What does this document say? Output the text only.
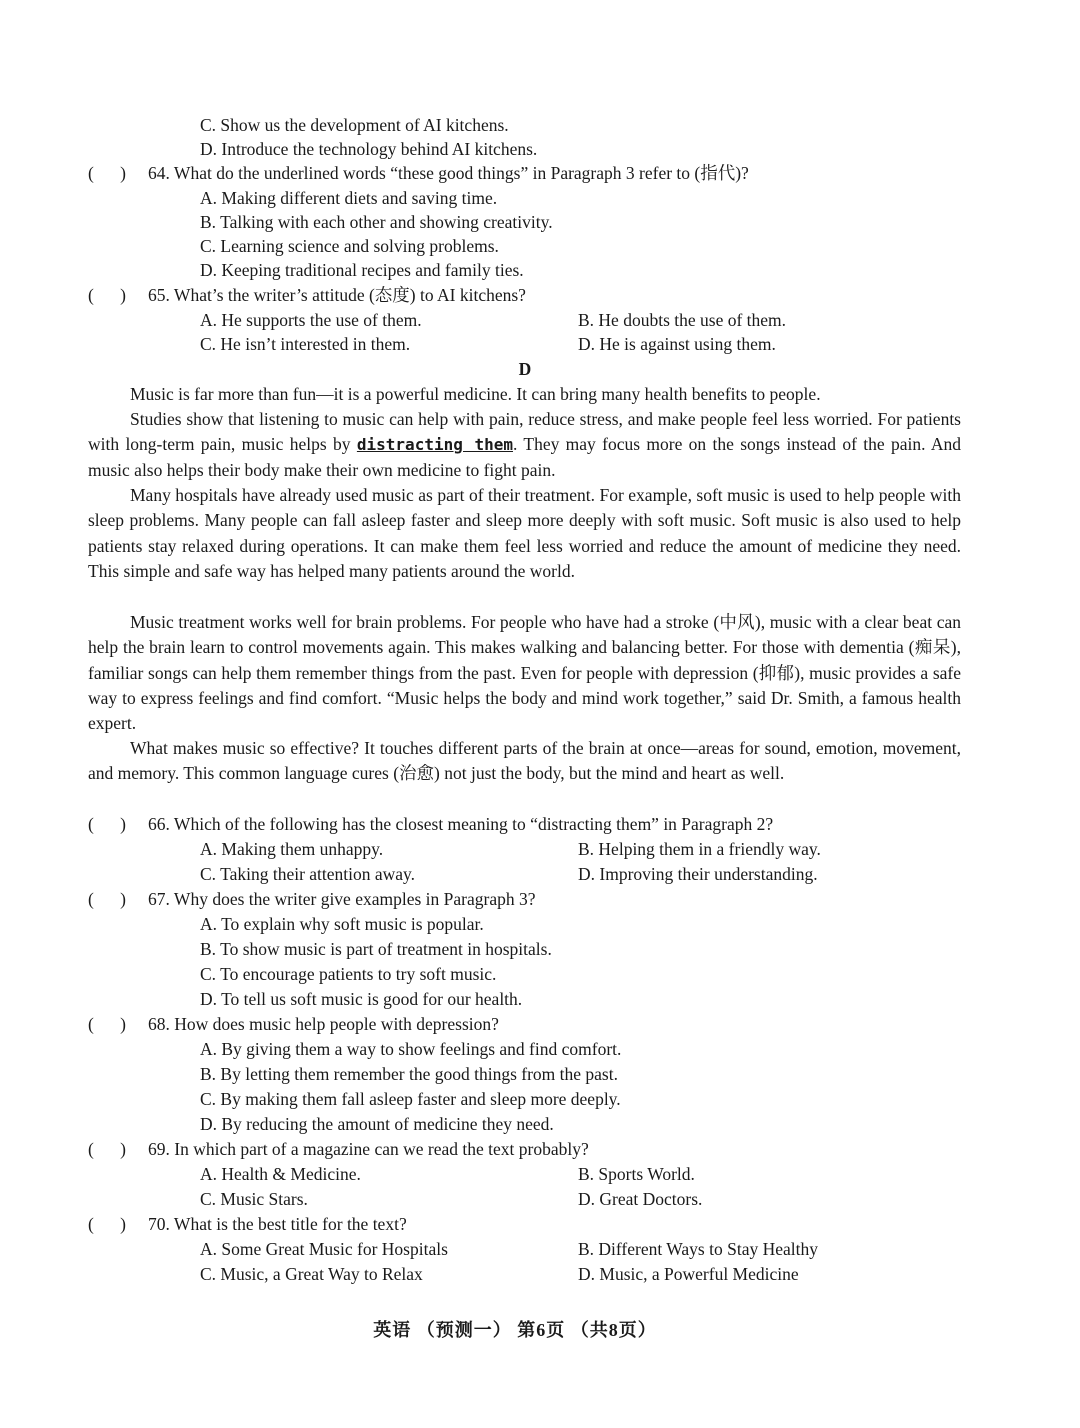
C. Show us the development of AI kitchens.
D. Introduce the technology behind AI kitchens.
(      ) 64. What do the underlined words “these good things” in Paragraph 3 refer to (指代)?
A. Making different diets and saving time.
B. Talking with each other and showing creativity.
C. Learning science and solving problems.
D. Keeping traditional recipes and family ties.
(      ) 65. What’s the writer’s attitude (态度) to AI kitchens?
A. He supports the use of them.	B. He doubts the use of them.
C. He isn’t interested in them.	D. He is against using them.
D
Music is far more than fun—it is a powerful medicine. It can bring many health benefits to people.
Studies show that listening to music can help with pain, reduce stress, and make people feel less worried. For patients with long-term pain, music helps by distracting them. They may focus more on the songs instead of the pain. And music also helps their body make their own medicine to fight pain.
Many hospitals have already used music as part of their treatment. For example, soft music is used to help people with sleep problems. Many people can fall asleep faster and sleep more deeply with soft music. Soft music is also used to help patients stay relaxed during operations. It can make them feel less worried and reduce the amount of medicine they need. This simple and safe way has helped many patients around the world.
Music treatment works well for brain problems. For people who have had a stroke (中风), music with a clear beat can help the brain learn to control movements again. This makes walking and balancing better. For those with dementia (痴呆), familiar songs can help them remember things from the past. Even for people with depression (抑郁), music provides a safe way to express feelings and find comfort. “Music helps the body and mind work together,” said Dr. Smith, a famous health expert.
What makes music so effective? It touches different parts of the brain at once—areas for sound, emotion, movement, and memory. This common language cures (治愈) not just the body, but the mind and heart as well.
(      ) 66. Which of the following has the closest meaning to “distracting them” in Paragraph 2?
A. Making them unhappy.	B. Helping them in a friendly way.
C. Taking their attention away.	D. Improving their understanding.
(      ) 67. Why does the writer give examples in Paragraph 3?
A. To explain why soft music is popular.
B. To show music is part of treatment in hospitals.
C. To encourage patients to try soft music.
D. To tell us soft music is good for our health.
(      ) 68. How does music help people with depression?
A. By giving them a way to show feelings and find comfort.
B. By letting them remember the good things from the past.
C. By making them fall asleep faster and sleep more deeply.
D. By reducing the amount of medicine they need.
(      ) 69. In which part of a magazine can we read the text probably?
A. Health & Medicine.	B. Sports World.
C. Music Stars.	D. Great Doctors.
(      ) 70. What is the best title for the text?
A. Some Great Music for Hospitals	B. Different Ways to Stay Healthy
C. Music, a Great Way to Relax	D. Music, a Powerful Medicine
英语 （预测一） 第6页 （共8页）
